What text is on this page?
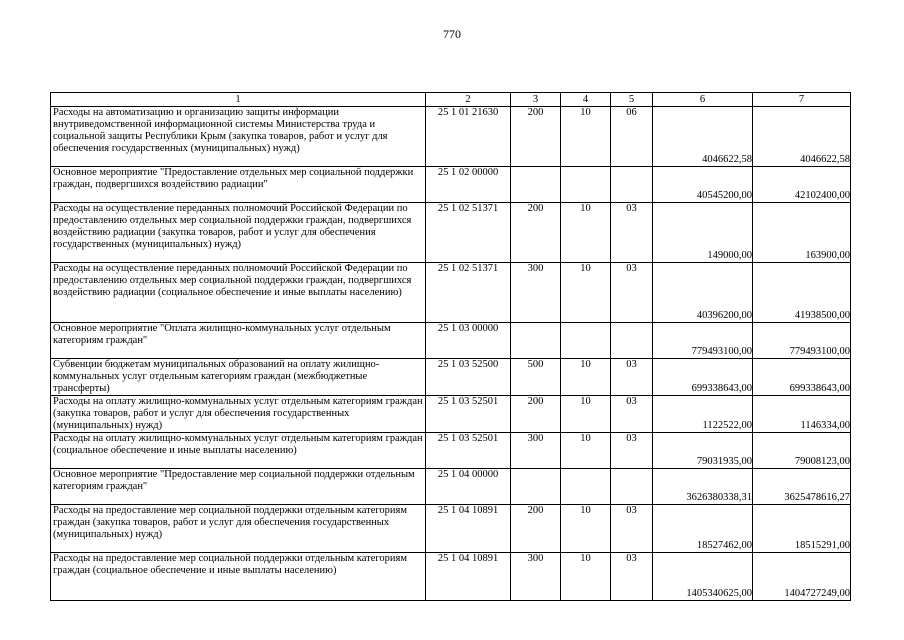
770
1	2	3	4	5	6	7
Расходы на автоматизацию и организацию защиты информации внутриведомственной информационной системы Министерства труда и социальной защиты Республики Крым (закупка товаров, работ и услуг для обеспечения государственных (муниципальных) нужд)	25 1 01 21630	200	10	06	4046622,58	4046622,58
Основное мероприятие "Предоставление отдельных мер социальной поддержки граждан, подвергшихся воздействию радиации"	25 1 02 00000				40545200,00	42102400,00
Расходы на осуществление переданных полномочий Российской Федерации по предоставлению отдельных мер социальной поддержки граждан, подвергшихся воздействию радиации (закупка товаров, работ и услуг для обеспечения государственных (муниципальных) нужд)	25 1 02 51371	200	10	03	149000,00	163900,00
Расходы на осуществление переданных полномочий Российской Федерации по предоставлению отдельных мер социальной поддержки граждан, подвергшихся воздействию радиации (социальное обеспечение и иные выплаты населению)	25 1 02 51371	300	10	03	40396200,00	41938500,00
Основное мероприятие "Оплата жилищно-коммунальных услуг отдельным категориям граждан"	25 1 03 00000				779493100,00	779493100,00
Субвенции бюджетам муниципальных образований на оплату жилищно-коммунальных услуг отдельным категориям граждан (межбюджетные трансферты)	25 1 03 52500	500	10	03	699338643,00	699338643,00
Расходы на оплату жилищно-коммунальных услуг отдельным категориям граждан (закупка товаров, работ и услуг для обеспечения государственных (муниципальных) нужд)	25 1 03 52501	200	10	03	1122522,00	1146334,00
Расходы на оплату жилищно-коммунальных услуг отдельным категориям граждан (социальное обеспечение и иные выплаты населению)	25 1 03 52501	300	10	03	79031935,00	79008123,00
Основное мероприятие "Предоставление мер социальной поддержки отдельным категориям граждан"	25 1 04 00000				3626380338,31	3625478616,27
Расходы на предоставление мер социальной поддержки отдельным категориям граждан (закупка товаров, работ и услуг для обеспечения государственных (муниципальных) нужд)	25 1 04 10891	200	10	03	18527462,00	18515291,00
Расходы на предоставление мер социальной поддержки отдельным категориям граждан (социальное обеспечение и иные выплаты населению)	25 1 04 10891	300	10	03	1405340625,00	1404727249,00
